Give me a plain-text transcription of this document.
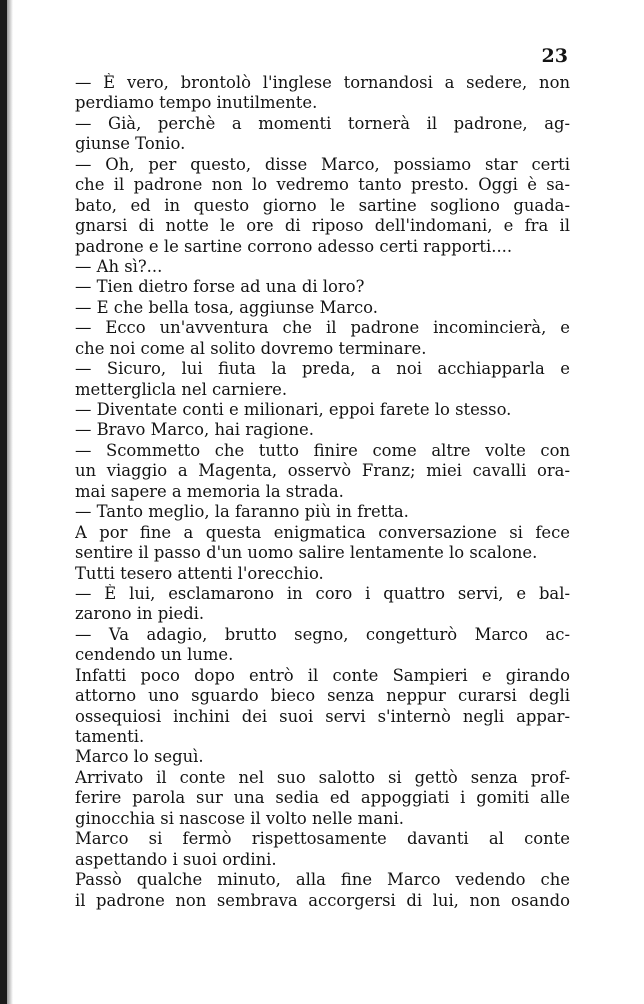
23
— È vero, brontolò l'inglese tornandosi a sedere, non
perdiamo tempo inutilmente.
— Già, perchè a momenti tornerà il padrone, ag-
giunse Tonio.
— Oh, per questo, disse Marco, possiamo star certi
che il padrone non lo vedremo tanto presto. Oggi è sa-
bato, ed in questo giorno le sartine sogliono guada-
gnarsi di notte le ore di riposo dell'indomani, e fra il
padrone e le sartine corrono adesso certi rapporti....
— Ah sì?...
— Tien dietro forse ad una di loro?
— E che bella tosa, aggiunse Marco.
— Ecco un'avventura che il padrone incomincierà, e
che noi come al solito dovremo terminare.
— Sicuro, lui fiuta la preda, a noi acchiapparla e
metterglicla nel carniere.
— Diventate conti e milionari, eppoi farete lo stesso.
— Bravo Marco, hai ragione.
— Scommetto che tutto finire come altre volte con
un viaggio a Magenta, osservò Franz; miei cavalli ora-
mai sapere a memoria la strada.
— Tanto meglio, la faranno più in fretta.
A por fine a questa enigmatica conversazione si fece
sentire il passo d'un uomo salire lentamente lo scalone.
Tutti tesero attenti l'orecchio.
— È lui, esclamarono in coro i quattro servi, e bal-
zarono in piedi.
— Va adagio, brutto segno, congetturò Marco ac-
cendendo un lume.
Infatti poco dopo entrò il conte Sampieri e girando
attorno uno sguardo bieco senza neppur curarsi degli
ossequiosi inchini dei suoi servi s'internò negli appar-
tamenti.
Marco lo seguì.
Arrivato il conte nel suo salotto si gettò senza prof-
ferire parola sur una sedia ed appoggiati i gomiti alle
ginocchia si nascose il volto nelle mani.
Marco si fermò rispettosamente davanti al conte
aspettando i suoi ordini.
Passò qualche minuto, alla fine Marco vedendo che
il padrone non sembrava accorgersi di lui, non osando
